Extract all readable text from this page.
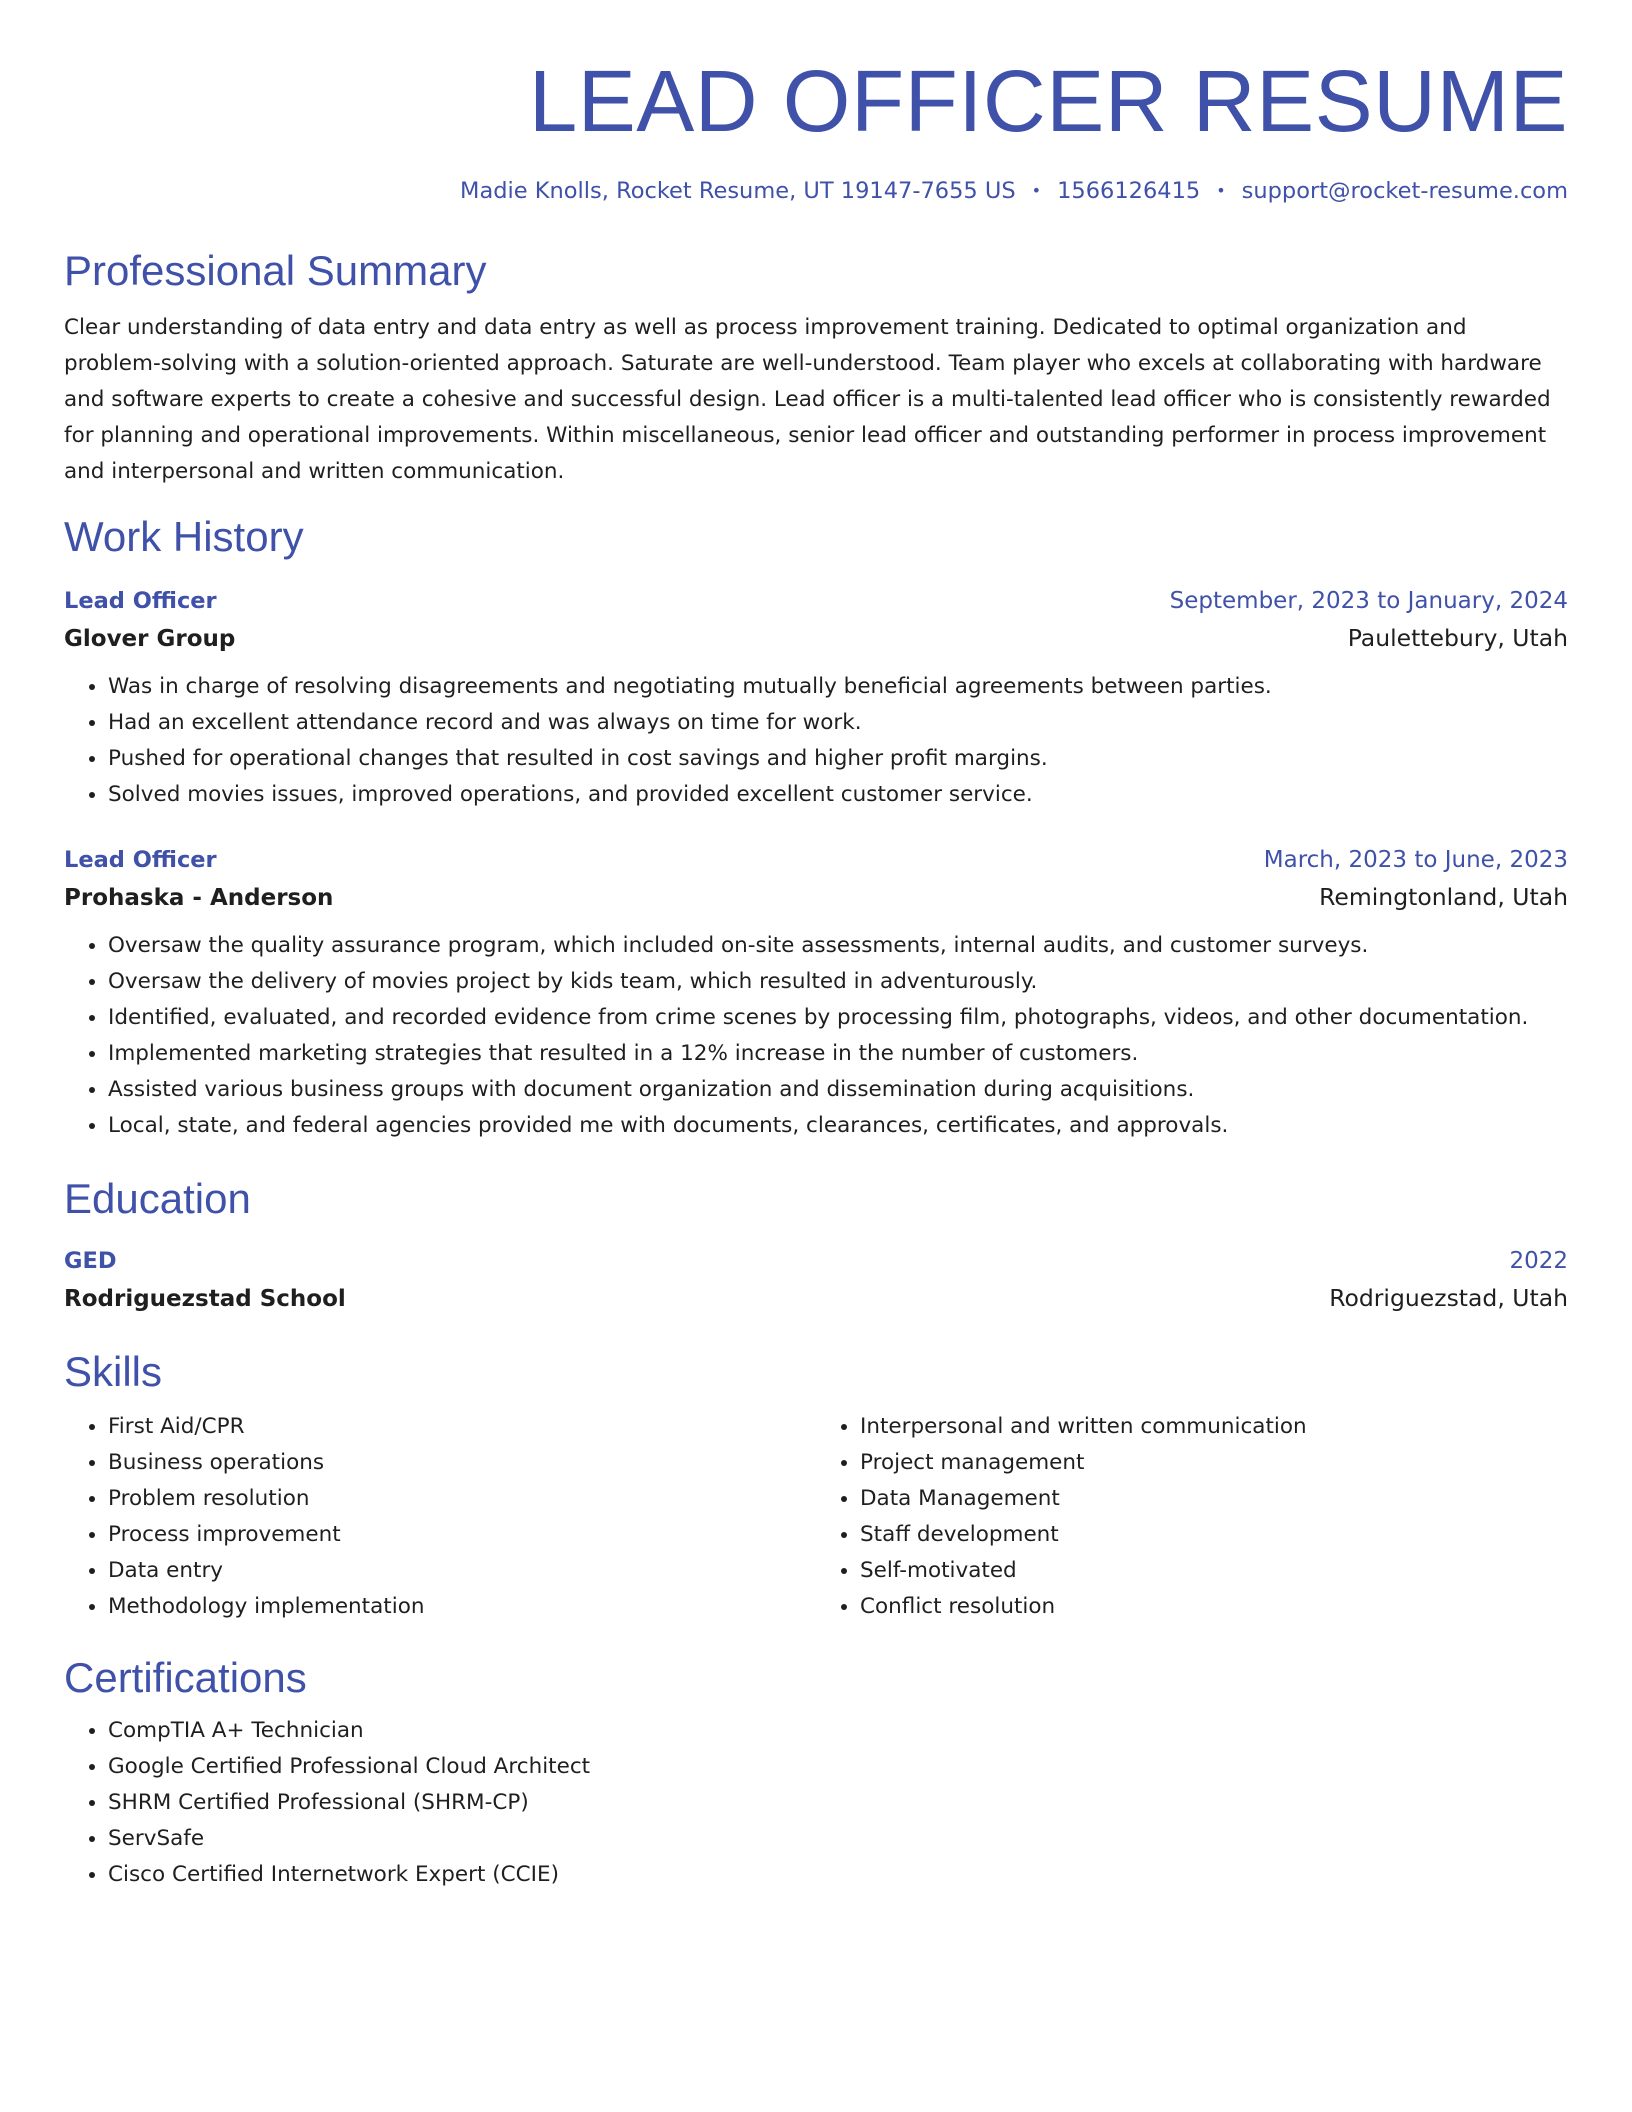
LEAD OFFICER RESUME
Madie Knolls, Rocket Resume, UT 19147-7655 US • 1566126415 • support@rocket-resume.com
Professional Summary
Clear understanding of data entry and data entry as well as process improvement training. Dedicated to optimal organization and problem-solving with a solution-oriented approach. Saturate are well-understood. Team player who excels at collaborating with hardware and software experts to create a cohesive and successful design. Lead officer is a multi-talented lead officer who is consistently rewarded for planning and operational improvements. Within miscellaneous, senior lead officer and outstanding performer in process improvement and interpersonal and written communication.
Work History
Lead Officer	September, 2023 to January, 2024
Glover Group	Paulettebury, Utah
• Was in charge of resolving disagreements and negotiating mutually beneficial agreements between parties.
• Had an excellent attendance record and was always on time for work.
• Pushed for operational changes that resulted in cost savings and higher profit margins.
• Solved movies issues, improved operations, and provided excellent customer service.
Lead Officer	March, 2023 to June, 2023
Prohaska - Anderson	Remingtonland, Utah
• Oversaw the quality assurance program, which included on-site assessments, internal audits, and customer surveys.
• Oversaw the delivery of movies project by kids team, which resulted in adventurously.
• Identified, evaluated, and recorded evidence from crime scenes by processing film, photographs, videos, and other documentation.
• Implemented marketing strategies that resulted in a 12% increase in the number of customers.
• Assisted various business groups with document organization and dissemination during acquisitions.
• Local, state, and federal agencies provided me with documents, clearances, certificates, and approvals.
Education
GED	2022
Rodriguezstad School	Rodriguezstad, Utah
Skills
• First Aid/CPR
• Business operations
• Problem resolution
• Process improvement
• Data entry
• Methodology implementation
• Interpersonal and written communication
• Project management
• Data Management
• Staff development
• Self-motivated
• Conflict resolution
Certifications
• CompTIA A+ Technician
• Google Certified Professional Cloud Architect
• SHRM Certified Professional (SHRM-CP)
• ServSafe
• Cisco Certified Internetwork Expert (CCIE)
